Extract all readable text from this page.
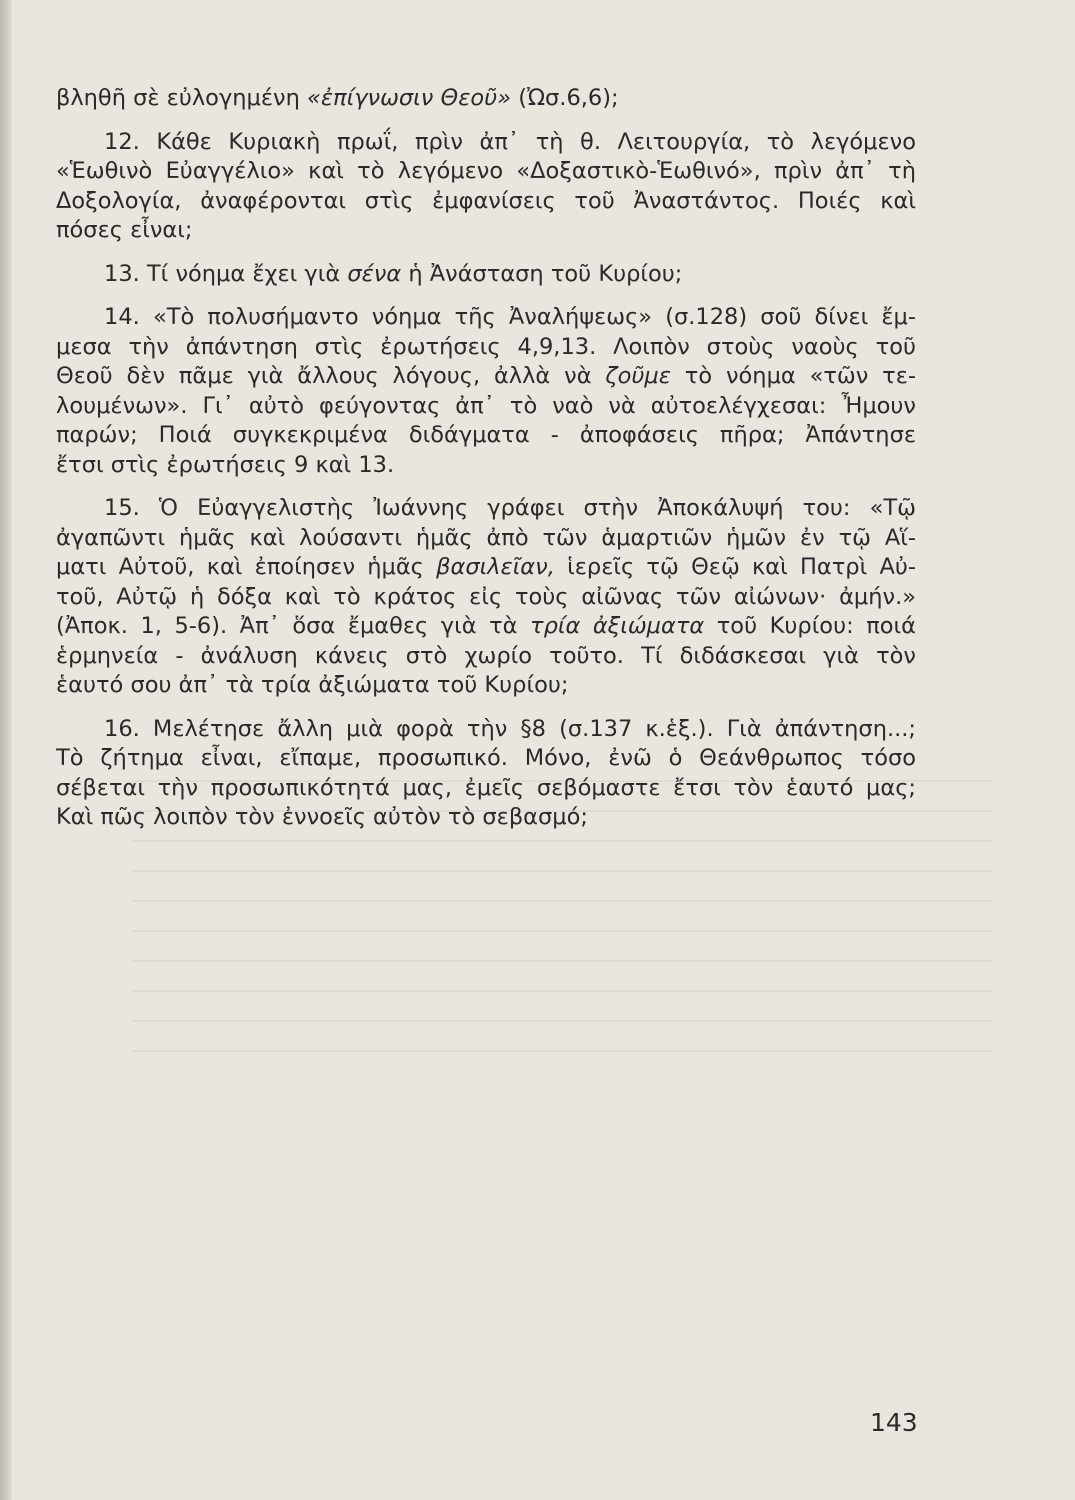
βληθῆ σὲ εὐλογημένη «ἐπίγνωσιν Θεοῦ» (Ὠσ.6,6);

12. Κάθε Κυριακὴ πρωΐ, πρὶν ἀπ᾽ τὴ θ. Λειτουργία, τὸ λεγόμενο
«Ἑωθινὸ Εὐαγγέλιο» καὶ τὸ λεγόμενο «Δοξαστικὸ-Ἑωθινό», πρὶν ἀπ᾽ τὴ
Δοξολογία, ἀναφέρονται στὶς ἐμφανίσεις τοῦ Ἀναστάντος. Ποιές καὶ
πόσες εἶναι;

13. Τί νόημα ἔχει γιὰ σένα ἡ Ἀνάσταση τοῦ Κυρίου;

14. «Τὸ πολυσήμαντο νόημα τῆς Ἀναλήψεως» (σ.128) σοῦ δίνει ἔμ-
μεσα τὴν ἀπάντηση στὶς ἐρωτήσεις 4,9,13. Λοιπὸν στοὺς ναοὺς τοῦ
Θεοῦ δὲν πᾶμε γιὰ ἄλλους λόγους, ἀλλὰ νὰ ζοῦμε τὸ νόημα «τῶν τε-
λουμένων». Γι᾽ αὐτὸ φεύγοντας ἀπ᾽ τὸ ναὸ νὰ αὐτοελέγχεσαι: Ἦμουν
παρών; Ποιά συγκεκριμένα διδάγματα - ἀποφάσεις πῆρα; Ἀπάντησε
ἔτσι στὶς ἐρωτήσεις 9 καὶ 13.

15. Ὁ Εὐαγγελιστὴς Ἰωάννης γράφει στὴν Ἀποκάλυψή του: «Τῷ
ἀγαπῶντι ἡμᾶς καὶ λούσαντι ἡμᾶς ἀπὸ τῶν ἁμαρτιῶν ἡμῶν ἐν τῷ Αἵ-
ματι Αὐτοῦ, καὶ ἐποίησεν ἡμᾶς βασιλεῖαν, ἱερεῖς τῷ Θεῷ καὶ Πατρὶ Αὐ-
τοῦ, Αὐτῷ ἡ δόξα καὶ τὸ κράτος εἰς τοὺς αἰῶνας τῶν αἰώνων· ἀμήν.»
(Ἀποκ. 1, 5-6). Ἀπ᾽ ὅσα ἔμαθες γιὰ τὰ τρία ἀξιώματα τοῦ Κυρίου: ποιά
ἑρμηνεία - ἀνάλυση κάνεις στὸ χωρίο τοῦτο. Τί διδάσκεσαι γιὰ τὸν
ἑαυτό σου ἀπ᾽ τὰ τρία ἀξιώματα τοῦ Κυρίου;

16. Μελέτησε ἄλλη μιὰ φορὰ τὴν §8 (σ.137 κ.ἑξ.). Γιὰ ἀπάντηση...;
Τὸ ζήτημα εἶναι, εἴπαμε, προσωπικό. Μόνο, ἐνῶ ὁ Θεάνθρωπος τόσο
σέβεται τὴν προσωπικότητά μας, ἐμεῖς σεβόμαστε ἔτσι τὸν ἑαυτό μας;
Καὶ πῶς λοιπὸν τὸν ἐννοεῖς αὐτὸν τὸ σεβασμό;

143
